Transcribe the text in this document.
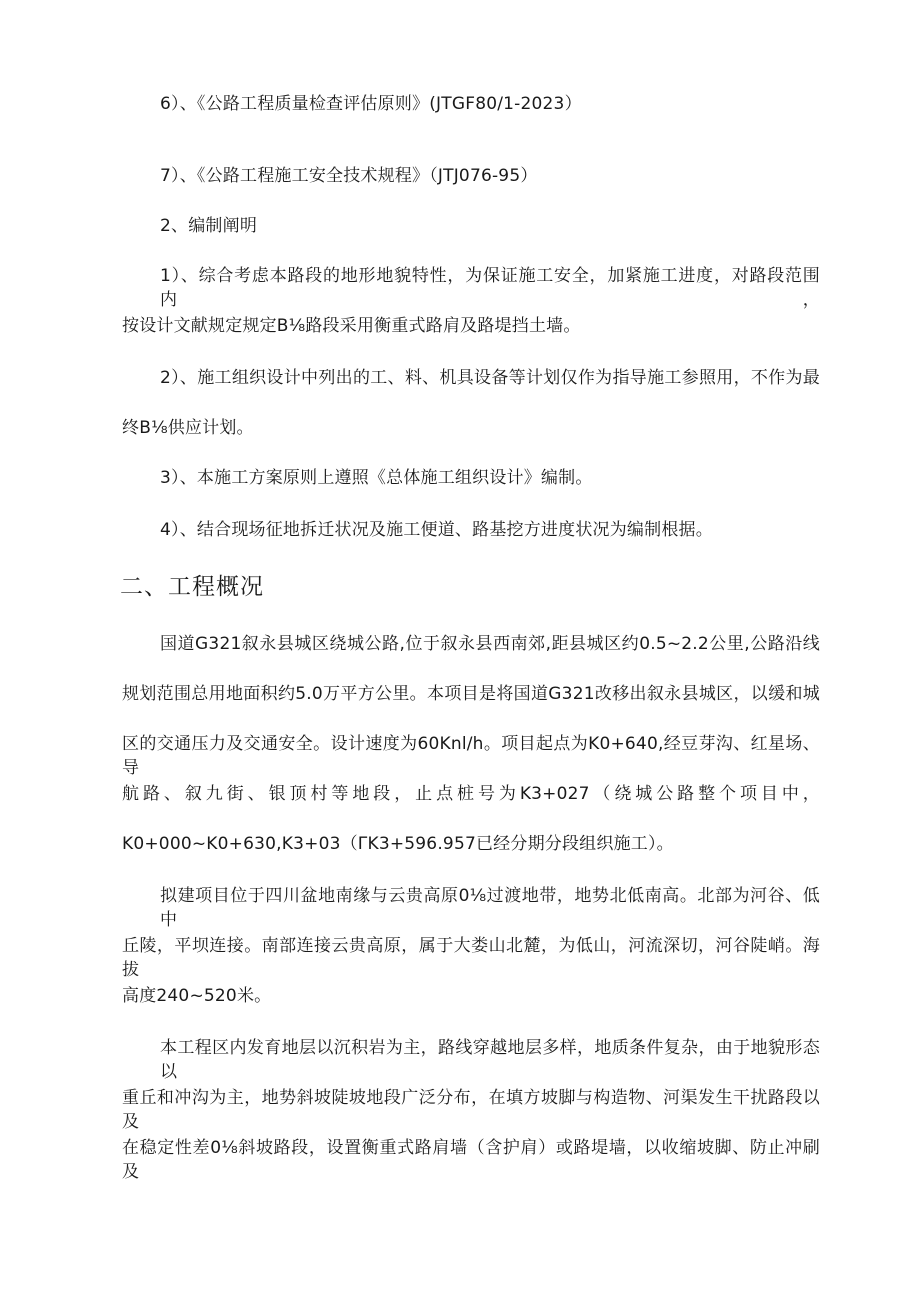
6）、《公路工程质量检查评估原则》(JTGF80/1-2023）
7）、《公路工程施工安全技术规程》（JTJ076-95）
2、编制阐明
1）、综合考虑本路段的地形地貌特性，为保证施工安全，加紧施工进度，对路段范围内，
按设计文献规定规定B⅛路段采用衡重式路肩及路堤挡土墙。
2）、施工组织设计中列出的工、料、机具设备等计划仅作为指导施工参照用，不作为最
终B⅛供应计划。
3）、本施工方案原则上遵照《总体施工组织设计》编制。
4）、结合现场征地拆迁状况及施工便道、路基挖方进度状况为编制根据。
二、工程概况
国道G321叙永县城区绕城公路,位于叙永县西南郊,距县城区约0.5~2.2公里,公路沿线
规划范围总用地面积约5.0万平方公里。本项目是将国道G321改移出叙永县城区，以缓和城
区的交通压力及交通安全。设计速度为60Knl/h。项目起点为K0+640,经豆芽沟、红星场、导
航路、叙九街、银顶村等地段，止点桩号为K3+027（绕城公路整个项目中，
K0+000~K0+630,K3+03（ΓK3+596.957已经分期分段组织施工）。
拟建项目位于四川盆地南缘与云贵高原0⅛过渡地带，地势北低南高。北部为河谷、低中
丘陵，平坝连接。南部连接云贵高原，属于大娄山北麓，为低山，河流深切，河谷陡峭。海拔
高度240~520米。
本工程区内发育地层以沉积岩为主，路线穿越地层多样，地质条件复杂，由于地貌形态以
重丘和冲沟为主，地势斜坡陡坡地段广泛分布，在填方坡脚与构造物、河渠发生干扰路段以及
在稳定性差0⅛斜坡路段，设置衡重式路肩墙（含护肩）或路堤墙，以收缩坡脚、防止冲刷及
